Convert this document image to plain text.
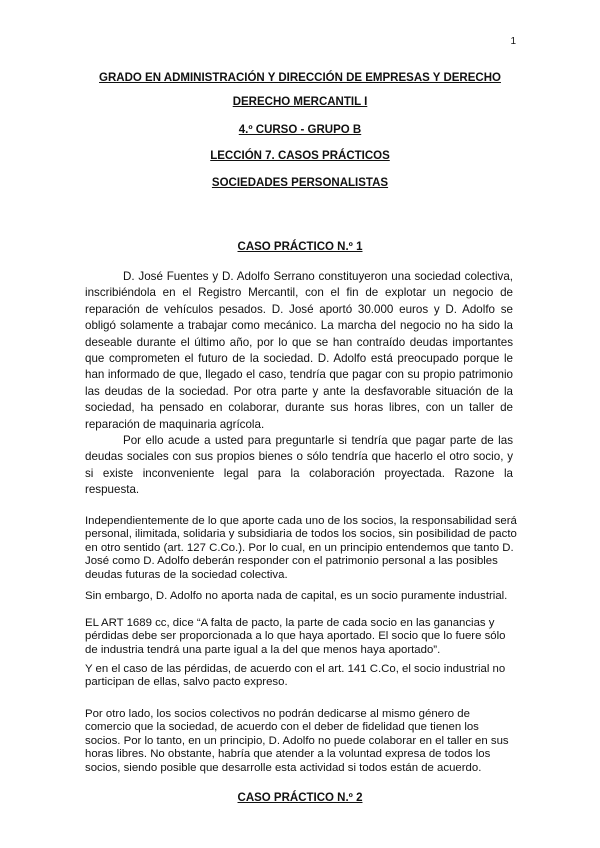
1
GRADO EN ADMINISTRACIÓN Y DIRECCIÓN DE EMPRESAS Y DERECHO
DERECHO MERCANTIL I
4.º CURSO - GRUPO B
LECCIÓN 7. CASOS PRÁCTICOS
SOCIEDADES PERSONALISTAS
CASO PRÁCTICO N.º 1

D. José Fuentes y D. Adolfo Serrano constituyeron una sociedad colectiva, inscribiéndola en el Registro Mercantil, con el fin de explotar un negocio de reparación de vehículos pesados. D. José aportó 30.000 euros y D. Adolfo se obligó solamente a trabajar como mecánico. La marcha del negocio no ha sido la deseable durante el último año, por lo que se han contraído deudas importantes que comprometen el futuro de la sociedad. D. Adolfo está preocupado porque le han informado de que, llegado el caso, tendría que pagar con su propio patrimonio las deudas de la sociedad. Por otra parte y ante la desfavorable situación de la sociedad, ha pensado en colaborar, durante sus horas libres, con un taller de reparación de maquinaria agrícola.

Por ello acude a usted para preguntarle si tendría que pagar parte de las deudas sociales con sus propios bienes o sólo tendría que hacerlo el otro socio, y si existe inconveniente legal para la colaboración proyectada. Razone la respuesta.

Independientemente de lo que aporte cada uno de los socios, la responsabilidad será personal, ilimitada, solidaria y subsidiaria de todos los socios, sin posibilidad de pacto en otro sentido (art. 127 C.Co.). Por lo cual, en un principio entendemos que tanto D. José como D. Adolfo deberán responder con el patrimonio personal a las posibles deudas futuras de la sociedad colectiva.

Sin embargo, D. Adolfo no aporta nada de capital, es un socio puramente industrial.

EL ART 1689 cc, dice “A falta de pacto, la parte de cada socio en las ganancias y pérdidas debe ser proporcionada a lo que haya aportado. El socio que lo fuere sólo de industria tendrá una parte igual a la del que menos haya aportado”.

Y en el caso de las pérdidas, de acuerdo con el art. 141 C.Co, el socio industrial no participan de ellas, salvo pacto expreso.

Por otro lado, los socios colectivos no podrán dedicarse al mismo género de comercio que la sociedad, de acuerdo con el deber de fidelidad que tienen los socios. Por lo tanto, en un principio, D. Adolfo no puede colaborar en el taller en sus horas libres. No obstante, habría que atender a la voluntad expresa de todos los socios, siendo posible que desarrolle esta actividad si todos están de acuerdo.

CASO PRÁCTICO N.º 2
